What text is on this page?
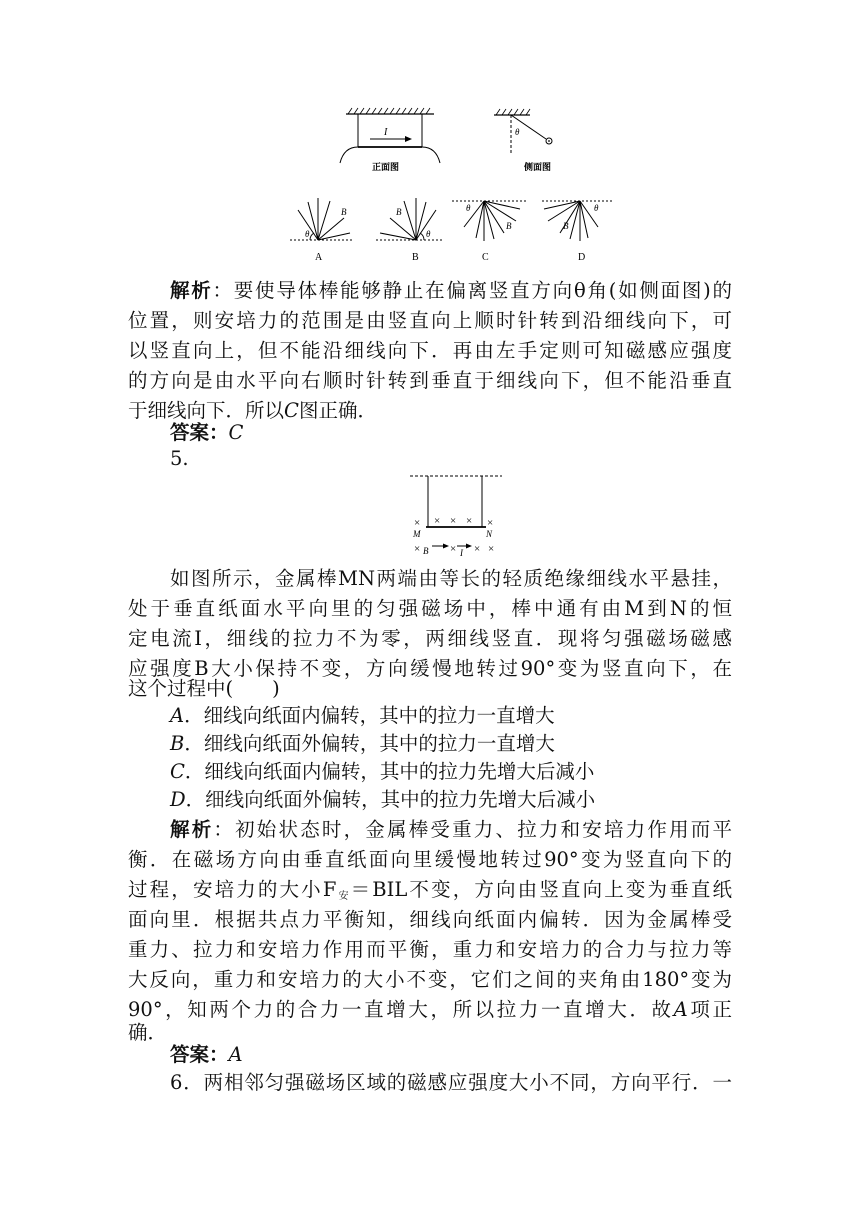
I
正面图
θ
侧面图
θ
B
A
θ
B
B
θ
B
C
θ
B
D
解析：要使导体棒能够静止在偏离竖直方向θ角(如侧面图)的
位置，则安培力的范围是由竖直向上顺时针转到沿细线向下，可
以竖直向上，但不能沿细线向下．再由左手定则可知磁感应强度
的方向是由水平向右顺时针转到垂直于细线向下，但不能沿垂直
于细线向下．所以C图正确．
答案：C
5.
× × × × ×
×	× × ×
M	N
B	I
如图所示，金属棒MN两端由等长的轻质绝缘细线水平悬挂，
处于垂直纸面水平向里的匀强磁场中，棒中通有由M到N的恒
定电流I，细线的拉力不为零，两细线竖直．现将匀强磁场磁感
应强度B大小保持不变，方向缓慢地转过90°变为竖直向下，在
这个过程中(　　)
A．细线向纸面内偏转，其中的拉力一直增大
B．细线向纸面外偏转，其中的拉力一直增大
C．细线向纸面内偏转，其中的拉力先增大后减小
D．细线向纸面外偏转，其中的拉力先增大后减小
解析：初始状态时，金属棒受重力、拉力和安培力作用而平
衡．在磁场方向由垂直纸面向里缓慢地转过90°变为竖直向下的
过程，安培力的大小$F_安=BIL$不变，方向由竖直向上变为垂直纸
面向里．根据共点力平衡知，细线向纸面内偏转．因为金属棒受
重力、拉力和安培力作用而平衡，重力和安培力的合力与拉力等
大反向，重力和安培力的大小不变，它们之间的夹角由180°变为
90°，知两个力的合力一直增大，所以拉力一直增大．故A项正
确．
答案：A
6．两相邻匀强磁场区域的磁感应强度大小不同，方向平行．一
